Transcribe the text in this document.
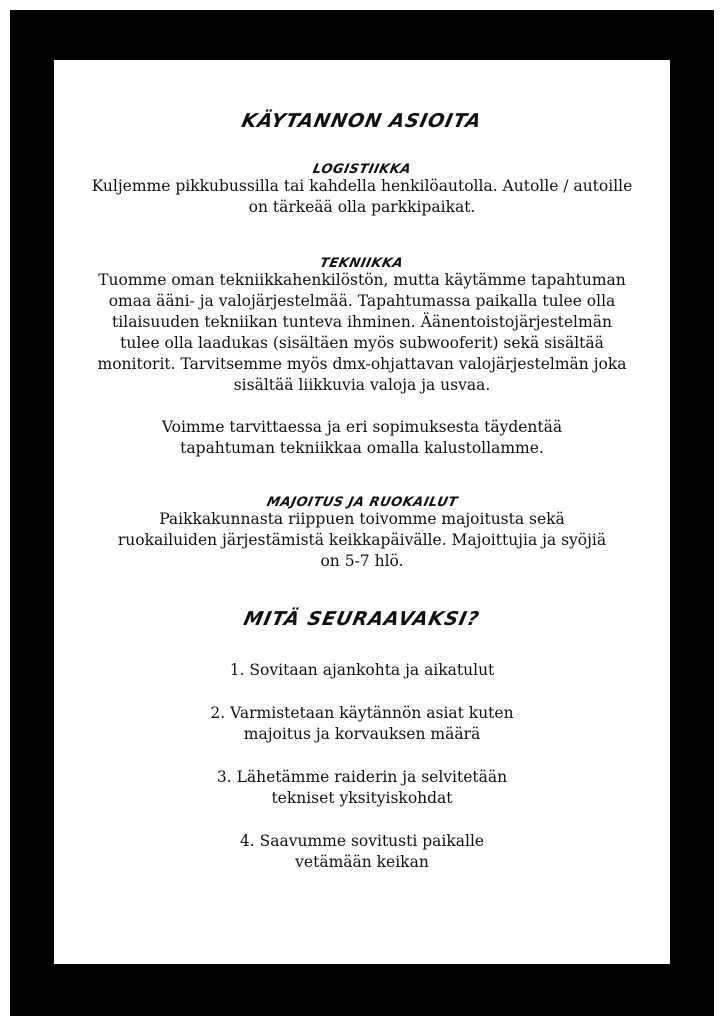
KÄYTANNON ASIOITA
LOGISTIIKKA

Kuljemme pikkubussilla tai kahdella henkilöautolla. Autolle / autoille on tärkeää olla parkkipaikat.

TEKNIIKKA

Tuomme oman tekniikkahenkilöstön, mutta käytämme tapahtuman omaa ääni- ja valojärjestelmää. Tapahtumassa paikalla tulee olla tilaisuuden tekniikan tunteva ihminen. Äänentoistojärjestelmän tulee olla laadukas (sisältäen myös subwooferit) sekä sisältää monitorit. Tarvitsemme myös dmx-ohjattavan valojärjestelmän joka sisältää liikkuvia valoja ja usvaa.

Voimme tarvittaessa ja eri sopimuksesta täydentää tapahtuman tekniikkaa omalla kalustollamme.

MAJOITUS JA RUOKAILUT

Paikkakunnasta riippuen toivomme majoitusta sekä ruokailuiden järjestämistä keikkapäivälle. Majoittujia ja syöjiä on 5-7 hlö.

MITÄ SEURAAVAKSI?

1. Sovitaan ajankohta ja aikatulut

2. Varmistetaan käytännön asiat kuten majoitus ja korvauksen määrä

3. Lähetämme raiderin ja selvitetään tekniset yksityiskohdat

4. Saavumme sovitusti paikalle vetämään keikan
